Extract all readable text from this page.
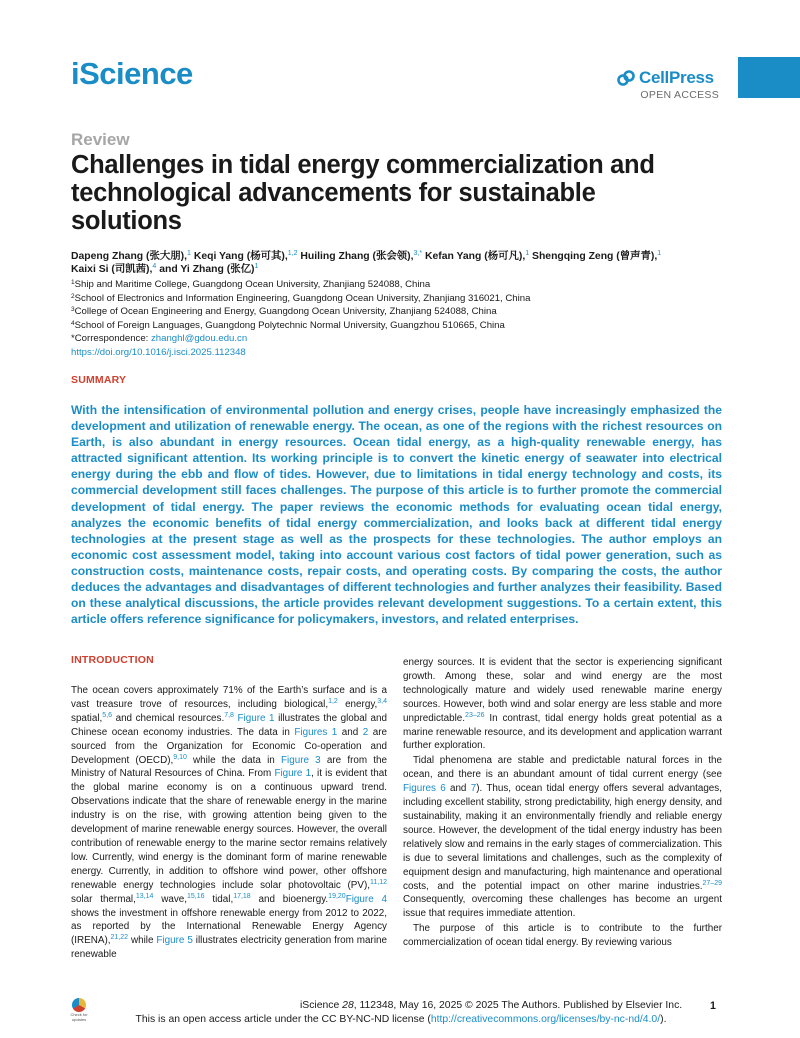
iScience	CellPress
OPEN ACCESS
Review
Challenges in tidal energy commercialization and technological advancements for sustainable solutions
Dapeng Zhang (张大朋),$^1$ Keqi Yang (杨可其),$^{1,2}$ Huiling Zhang (张会领),$^{3,*}$ Kefan Yang (杨可凡),$^1$ Shengqing Zeng (曾声青),$^1$
Kaixi Si (司凯茜),$^4$ and Yi Zhang (张亿)$^1$
$^1$Ship and Maritime College, Guangdong Ocean University, Zhanjiang 524088, China
$^2$School of Electronics and Information Engineering, Guangdong Ocean University, Zhanjiang 316021, China
$^3$College of Ocean Engineering and Energy, Guangdong Ocean University, Zhanjiang 524088, China
$^4$School of Foreign Languages, Guangdong Polytechnic Normal University, Guangzhou 510665, China
*Correspondence: zhanghl@gdou.edu.cn
https://doi.org/10.1016/j.isci.2025.112348
SUMMARY

With the intensification of environmental pollution and energy crises, people have increasingly emphasized the development and utilization of renewable energy. The ocean, as one of the regions with the richest resources on Earth, is also abundant in energy resources. Ocean tidal energy, as a high-quality renewable energy, has attracted significant attention. Its working principle is to convert the kinetic energy of seawater into electrical energy during the ebb and flow of tides. However, due to limitations in tidal energy technology and costs, its commercial development still faces challenges. The purpose of this article is to further promote the commercial development of tidal energy. The paper reviews the economic methods for evaluating ocean tidal energy, analyzes the economic benefits of tidal energy commercialization, and looks back at different tidal energy technologies at the present stage as well as the prospects for these technologies. The author employs an economic cost assessment model, taking into account various cost factors of tidal power generation, such as construction costs, maintenance costs, repair costs, and operating costs. By comparing the costs, the author deduces the advantages and disadvantages of different technologies and further analyzes their feasibility. Based on these analytical discussions, the article provides relevant development suggestions. To a certain extent, this article offers reference significance for policymakers, investors, and related enterprises.

INTRODUCTION

The ocean covers approximately 71% of the Earth’s surface and is a vast treasure trove of resources, including biological,$^{1,2}$ energy,$^{3,4}$ spatial,$^{5,6}$ and chemical resources.$^{7,8}$ Figure 1 illustrates the global and Chinese ocean economy industries. The data in Figures 1 and 2 are sourced from the Organization for Economic Co-operation and Development (OECD),$^{9,10}$ while the data in Figure 3 are from the Ministry of Natural Resources of China. From Figure 1, it is evident that the global marine economy is on a continuous upward trend. Observations indicate that the share of renewable energy in the marine industry is on the rise, with growing attention being given to the development of marine renewable energy sources. However, the overall contribution of renewable energy to the marine sector remains relatively low. Currently, wind energy is the dominant form of marine renewable energy. Currently, in addition to offshore wind power, other offshore renewable energy technologies include solar photovoltaic (PV),$^{11,12}$ solar thermal,$^{13,14}$ wave,$^{15,16}$ tidal,$^{17,18}$ and bioenergy.$^{19,20}$Figure 4 shows the investment in offshore renewable energy from 2012 to 2022, as reported by the International Renewable Energy Agency (IRENA),$^{21,22}$ while Figure 5 illustrates electricity generation from marine renewable

energy sources. It is evident that the sector is experiencing significant growth. Among these, solar and wind energy are the most technologically mature and widely used renewable marine energy sources. However, both wind and solar energy are less stable and more unpredictable.$^{23-26}$ In contrast, tidal energy holds great potential as a marine renewable resource, and its development and application warrant further exploration.

Tidal phenomena are stable and predictable natural forces in the ocean, and there is an abundant amount of tidal current energy (see Figures 6 and 7). Thus, ocean tidal energy offers several advantages, including excellent stability, strong predictability, high energy density, and sustainability, making it an environmentally friendly and reliable energy source. However, the development of the tidal energy industry has been relatively slow and remains in the early stages of commercialization. This is due to several limitations and challenges, such as the complexity of equipment design and manufacturing, high maintenance and operational costs, and the potential impact on other marine industries.$^{27-29}$ Consequently, overcoming these challenges has become an urgent issue that requires immediate attention.

The purpose of this article is to contribute to the further commercialization of ocean tidal energy. By reviewing various

Check for updates
iScience 28, 112348, May 16, 2025 © 2025 The Authors. Published by Elsevier Inc.	1
This is an open access article under the CC BY-NC-ND license (http://creativecommons.org/licenses/by-nc-nd/4.0/).
